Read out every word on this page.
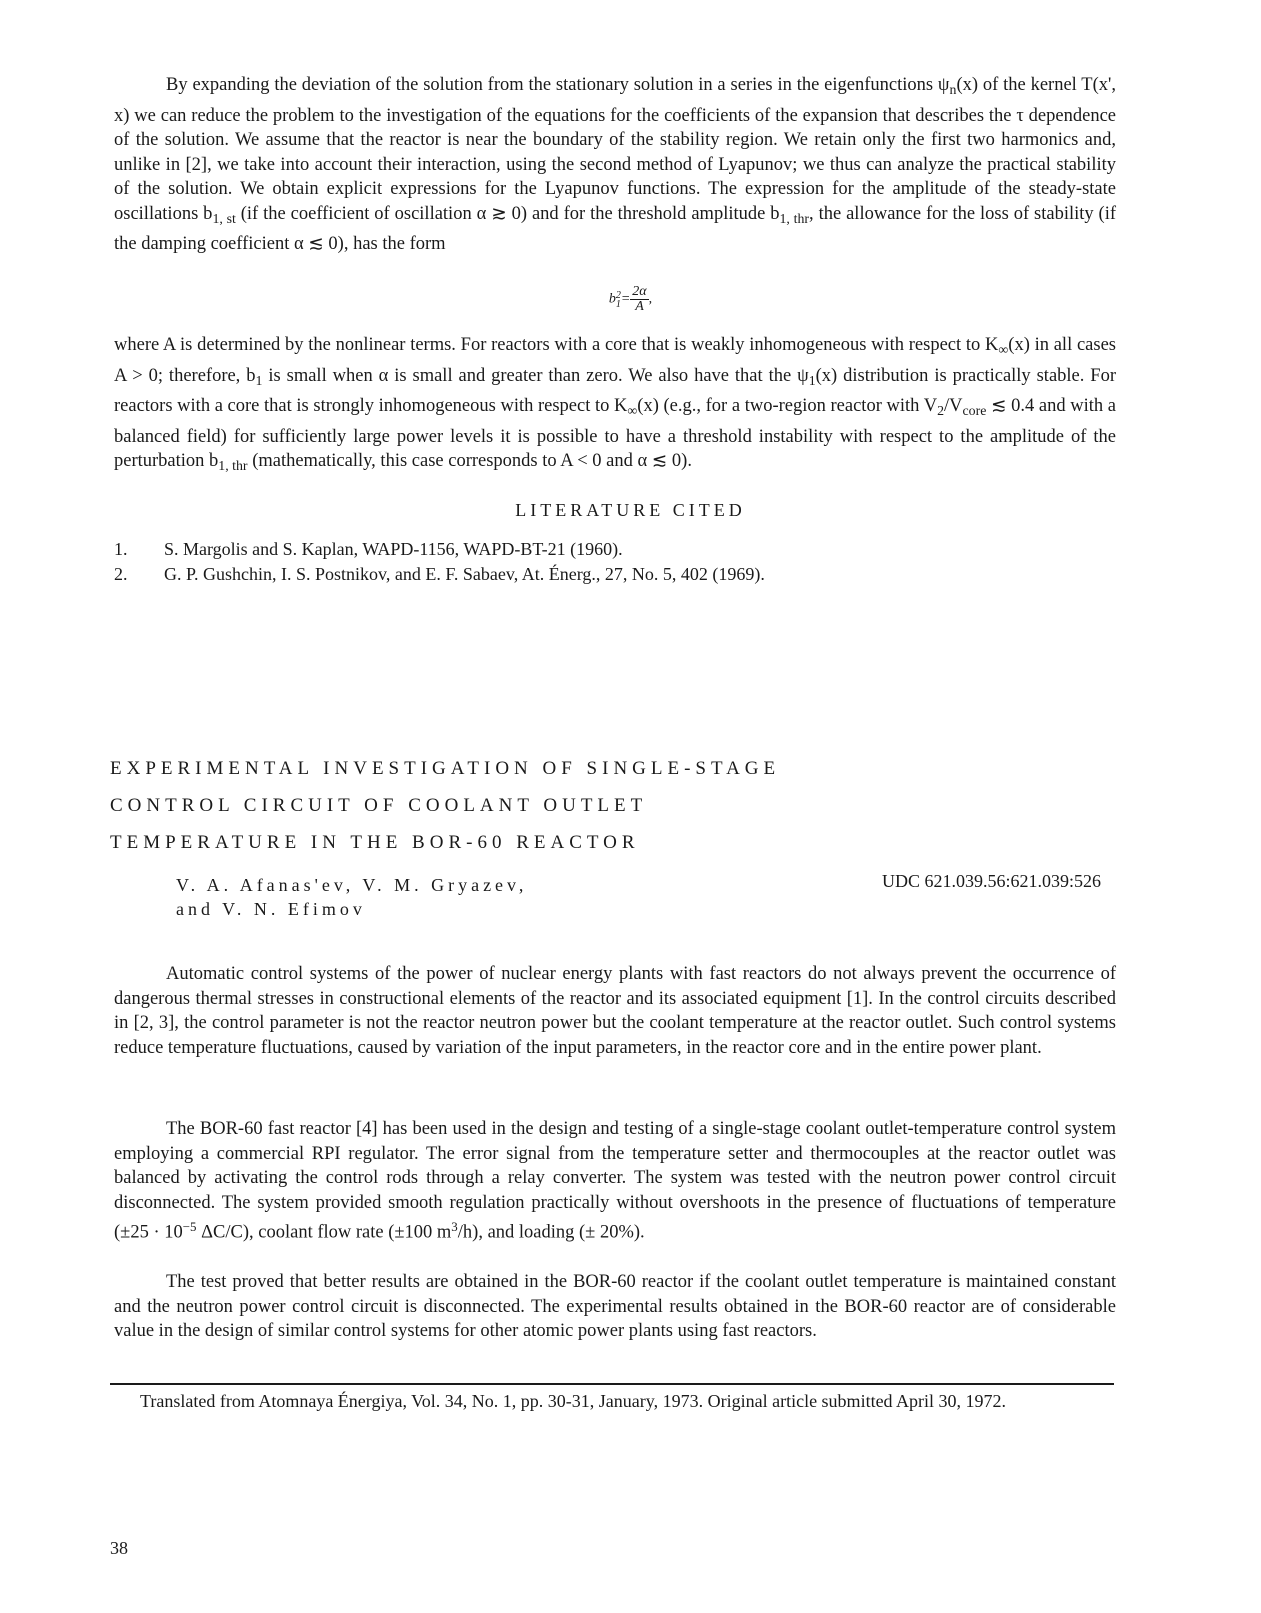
By expanding the deviation of the solution from the stationary solution in a series in the eigenfunctions $\psi_n(x)$ of the kernel T(x', x) we can reduce the problem to the investigation of the equations for the coefficients of the expansion that describes the τ dependence of the solution. We assume that the reactor is near the boundary of the stability region. We retain only the first two harmonics and, unlike in [2], we take into account their interaction, using the second method of Lyapunov; we thus can analyze the practical stability of the solution. We obtain explicit expressions for the Lyapunov functions. The expression for the amplitude of the steady-state oscillations $b_{1, st}$ (if the coefficient of oscillation α ≳ 0) and for the threshold amplitude $b_{1, thr}$, the allowance for the loss of stability (if the damping coefficient α ≲ 0), has the form

b 2
$1 = \frac{2\alpha}{A}$ ,

where A is determined by the nonlinear terms. For reactors with a core that is weakly inhomogeneous with respect to $K_\infty(x)$ in all cases A > 0; therefore, $b_1$ is small when α is small and greater than zero. We also have that the $\psi_1(x)$ distribution is practically stable. For reactors with a core that is strongly inhomogeneous with respect to $K_\infty(x)$ (e.g., for a two-region reactor with $V_2/V_{core}$ ≲ 0.4 and with a balanced field) for sufficiently large power levels it is possible to have a threshold instability with respect to the amplitude of the perturbation $b_{1, thr}$ (mathematically, this case corresponds to A < 0 and α ≲ 0).

LITERATURE CITED
1. S. Margolis and S. Kaplan, WAPD-1156, WAPD-BT-21 (1960).
2. G. P. Gushchin, I. S. Postnikov, and E. F. Sabaev, At. Énerg., 27, No. 5, 402 (1969).
EXPERIMENTAL INVESTIGATION OF SINGLE-STAGE
CONTROL CIRCUIT OF COOLANT OUTLET
TEMPERATURE IN THE BOR-60 REACTOR
V. A. Afanas'ev, V. M. Gryazev,
and V. N. Efimov
UDC 621.039.56:621.039:526

Automatic control systems of the power of nuclear energy plants with fast reactors do not always prevent the occurrence of dangerous thermal stresses in constructional elements of the reactor and its associated equipment [1]. In the control circuits described in [2, 3], the control parameter is not the reactor neutron power but the coolant temperature at the reactor outlet. Such control systems reduce temperature fluctuations, caused by variation of the input parameters, in the reactor core and in the entire power plant.

The BOR-60 fast reactor [4] has been used in the design and testing of a single-stage coolant outlet-temperature control system employing a commercial RPI regulator. The error signal from the temperature setter and thermocouples at the reactor outlet was balanced by activating the control rods through a relay converter. The system was tested with the neutron power control circuit disconnected. The system provided smooth regulation practically without overshoots in the presence of fluctuations of temperature ($\pm 25 \cdot 10^{-5}$ ΔC/C), coolant flow rate (±100 $m^3/h$), and loading (± 20%).

The test proved that better results are obtained in the BOR-60 reactor if the coolant outlet temperature is maintained constant and the neutron power control circuit is disconnected. The experimental results obtained in the BOR-60 reactor are of considerable value in the design of similar control systems for other atomic power plants using fast reactors.

Translated from Atomnaya Énergiya, Vol. 34, No. 1, pp. 30-31, January, 1973. Original article submitted April 30, 1972.
38
